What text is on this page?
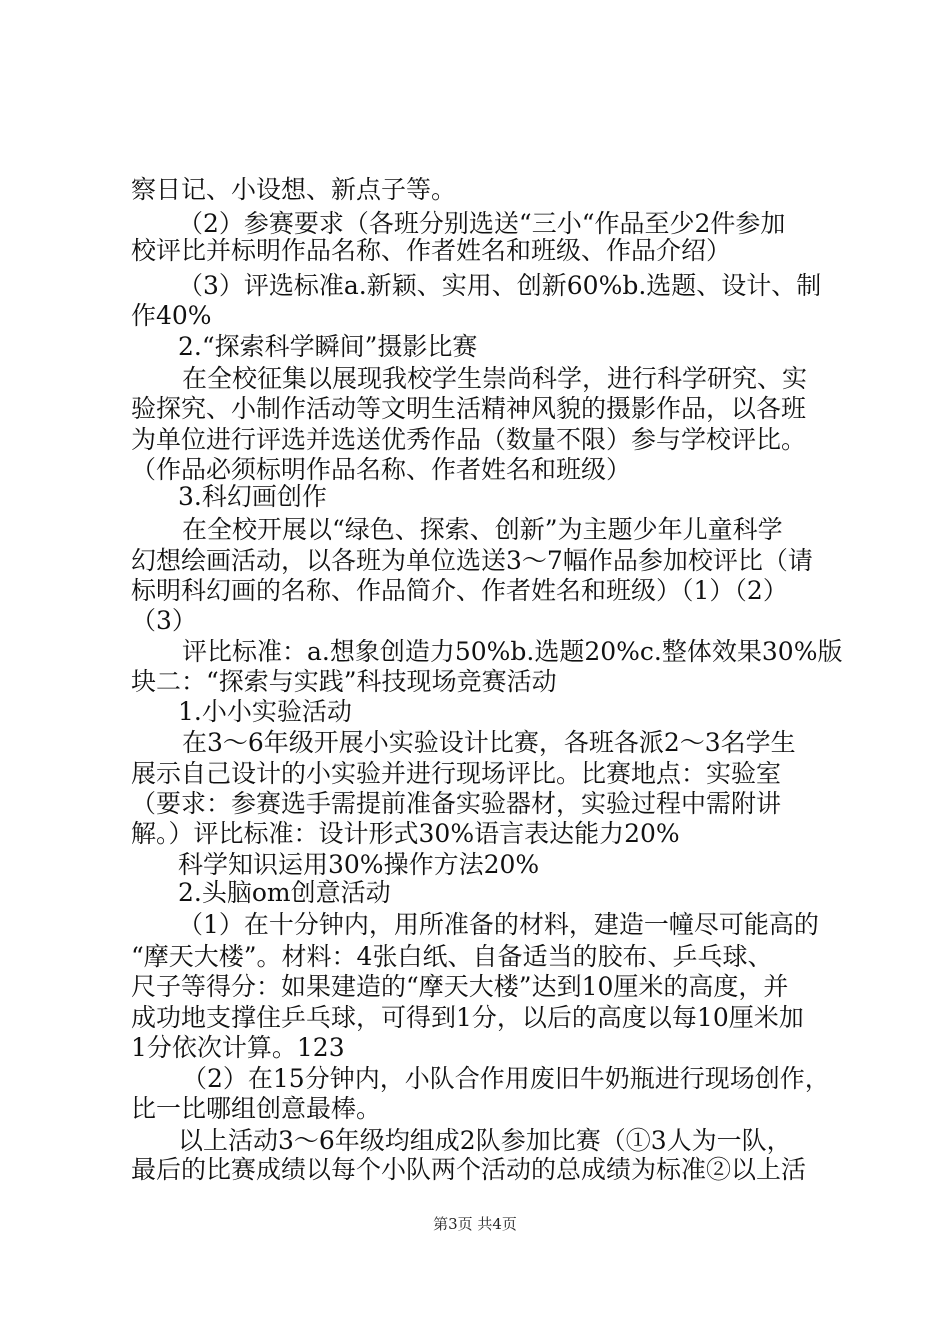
察日记、小设想、新点子等。
（2）参赛要求（各班分别选送“三小“作品至少2件参加
校评比并标明作品名称、作者姓名和班级、作品介绍）
（3）评选标准a.新颖、实用、创新60%b.选题、设计、制
作40%
2.“探索科学瞬间”摄影比赛
在全校征集以展现我校学生崇尚科学，进行科学研究、实
验探究、小制作活动等文明生活精神风貌的摄影作品，以各班
为单位进行评选并选送优秀作品（数量不限）参与学校评比。
（作品必须标明作品名称、作者姓名和班级）
3.科幻画创作
在全校开展以“绿色、探索、创新”为主题少年儿童科学
幻想绘画活动，以各班为单位选送3～7幅作品参加校评比（请
标明科幻画的名称、作品简介、作者姓名和班级）（1）（2）
（3）
评比标准：a.想象创造力50%b.选题20%c.整体效果30%版
块二：“探索与实践”科技现场竞赛活动
1.小小实验活动
在3～6年级开展小实验设计比赛，各班各派2～3名学生
展示自己设计的小实验并进行现场评比。比赛地点：实验室
（要求：参赛选手需提前准备实验器材，实验过程中需附讲
解。）评比标准：设计形式30%语言表达能力20%
科学知识运用30%操作方法20%
2.头脑om创意活动
（1）在十分钟内，用所准备的材料，建造一幢尽可能高的
“摩天大楼”。材料：4张白纸、自备适当的胶布、乒乓球、
尺子等得分：如果建造的“摩天大楼”达到10厘米的高度，并
成功地支撑住乒乓球，可得到1分，以后的高度以每10厘米加
1分依次计算。123
（2）在15分钟内，小队合作用废旧牛奶瓶进行现场创作，
比一比哪组创意最棒。
以上活动3～6年级均组成2队参加比赛（①3人为一队，
最后的比赛成绩以每个小队两个活动的总成绩为标准②以上活
第3页 共4页
